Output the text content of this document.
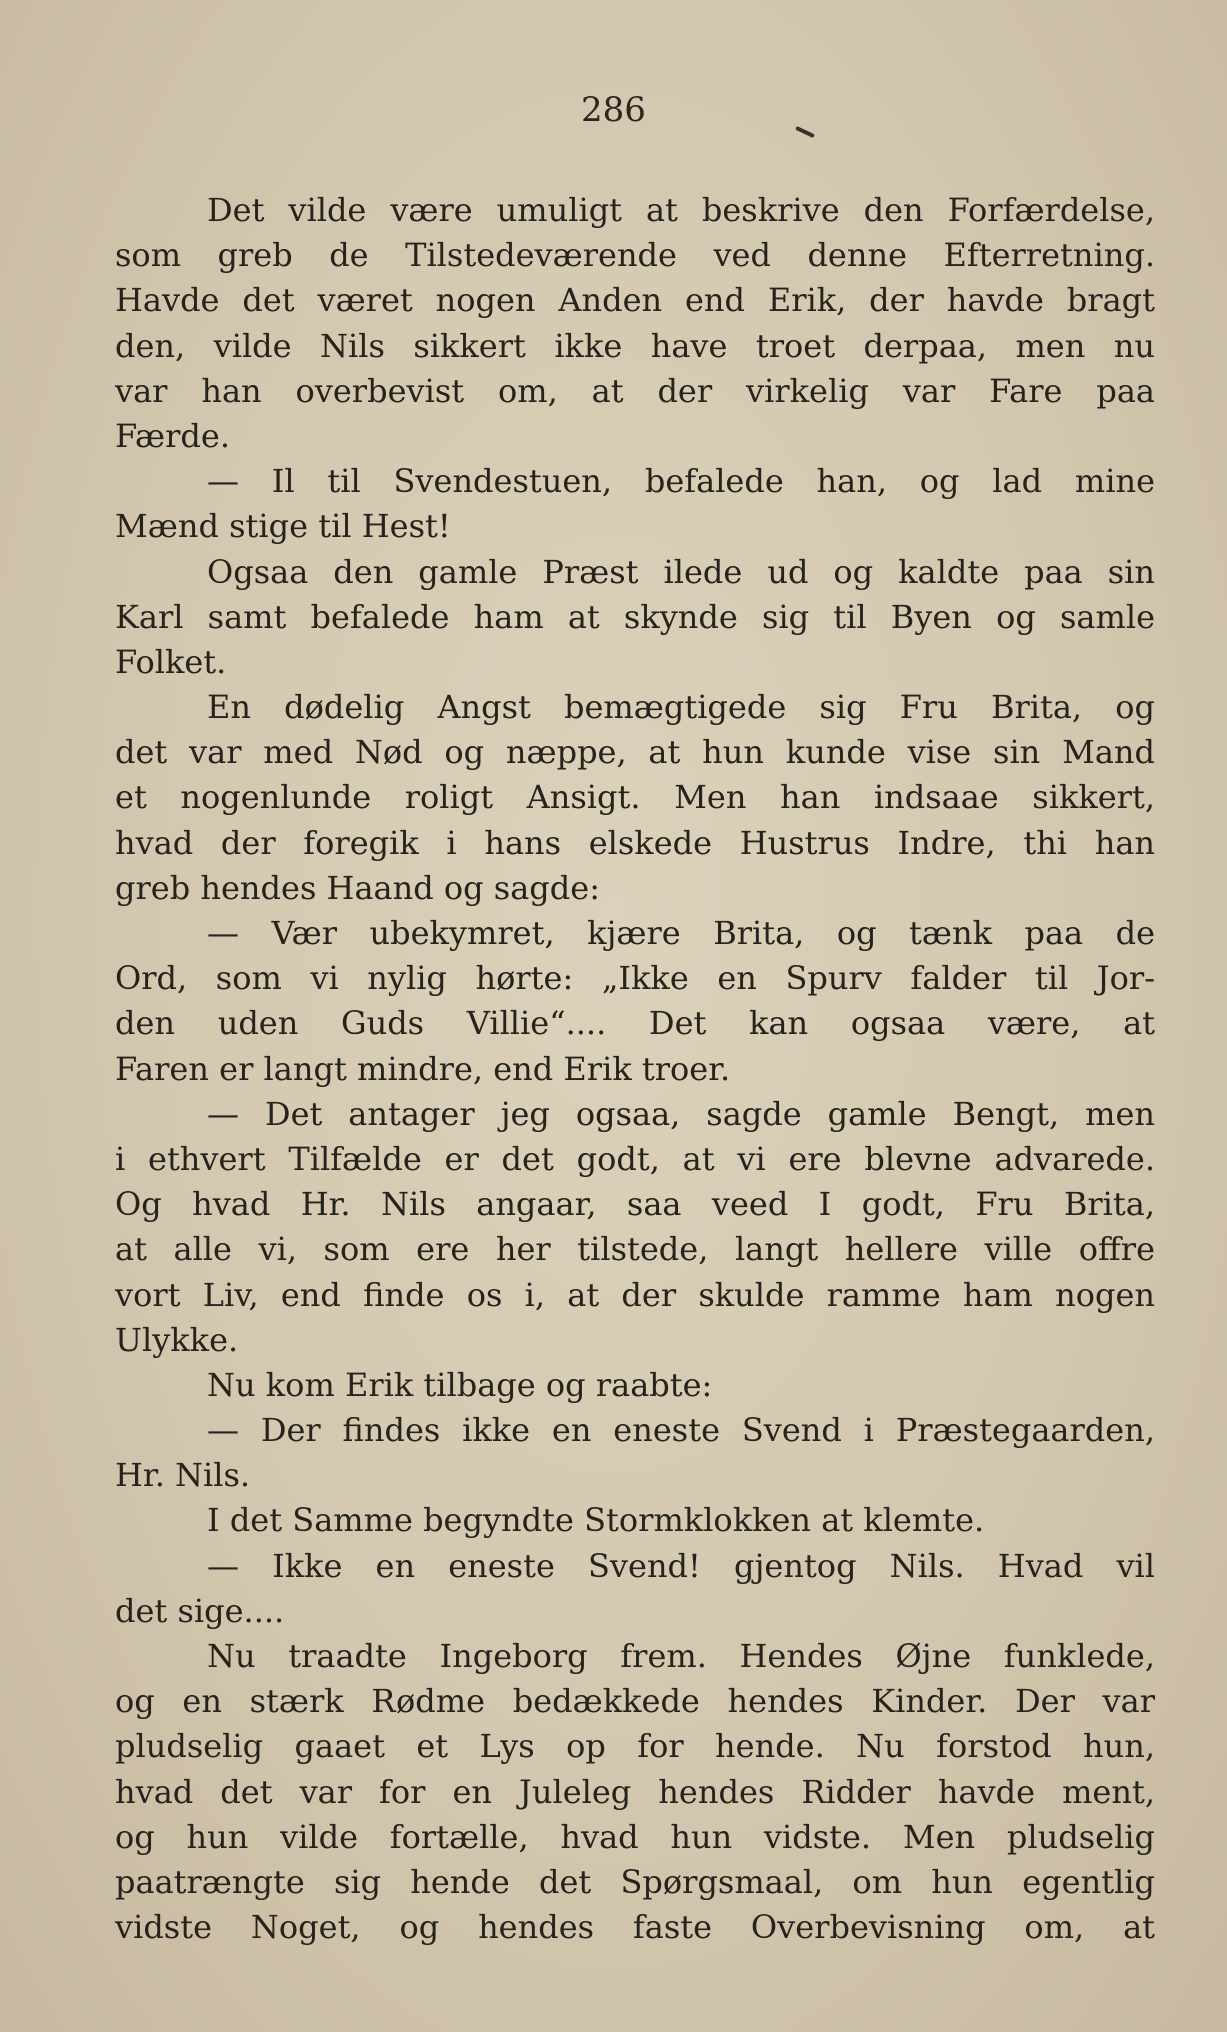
286
Det vilde være umuligt at beskrive den Forfærdelse,
som greb de Tilstedeværende ved denne Efterretning.
Havde det været nogen Anden end Erik, der havde bragt
den, vilde Nils sikkert ikke have troet derpaa, men nu
var han overbevist om, at der virkelig var Fare paa
Færde.
— Il til Svendestuen, befalede han, og lad mine
Mænd stige til Hest!
Ogsaa den gamle Præst ilede ud og kaldte paa sin
Karl samt befalede ham at skynde sig til Byen og samle
Folket.
En dødelig Angst bemægtigede sig Fru Brita, og
det var med Nød og næppe, at hun kunde vise sin Mand
et nogenlunde roligt Ansigt. Men han indsaae sikkert,
hvad der foregik i hans elskede Hustrus Indre, thi han
greb hendes Haand og sagde:
— Vær ubekymret, kjære Brita, og tænk paa de
Ord, som vi nylig hørte: „Ikke en Spurv falder til Jor-
den uden Guds Villie“.... Det kan ogsaa være, at
Faren er langt mindre, end Erik troer.
— Det antager jeg ogsaa, sagde gamle Bengt, men
i ethvert Tilfælde er det godt, at vi ere blevne advarede.
Og hvad Hr. Nils angaar, saa veed I godt, Fru Brita,
at alle vi, som ere her tilstede, langt hellere ville offre
vort Liv, end finde os i, at der skulde ramme ham nogen
Ulykke.
Nu kom Erik tilbage og raabte:
— Der findes ikke en eneste Svend i Præstegaarden,
Hr. Nils.
I det Samme begyndte Stormklokken at klemte.
— Ikke en eneste Svend! gjentog Nils. Hvad vil
det sige....
Nu traadte Ingeborg frem. Hendes Øjne funklede,
og en stærk Rødme bedækkede hendes Kinder. Der var
pludselig gaaet et Lys op for hende. Nu forstod hun,
hvad det var for en Juleleg hendes Ridder havde ment,
og hun vilde fortælle, hvad hun vidste. Men pludselig
paatrængte sig hende det Spørgsmaal, om hun egentlig
vidste Noget, og hendes faste Overbevisning om, at
